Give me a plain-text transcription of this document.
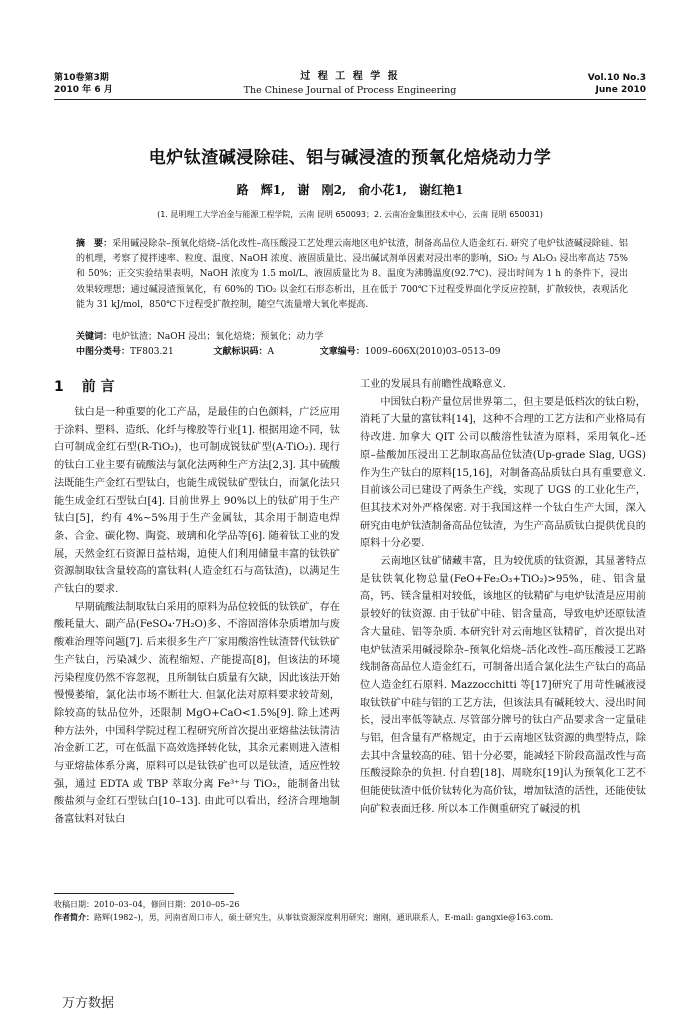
第10卷第3期
2010 年 6 月
过 程 工 程 学 报
The Chinese Journal of Process Engineering
Vol.10 No.3
June 2010
电炉钛渣碱浸除硅、铝与碱浸渣的预氧化焙烧动力学
路 辉1, 谢 刚2, 俞小花1, 谢红艳1
(1. 昆明理工大学冶金与能源工程学院，云南 昆明 650093；2. 云南冶金集团技术中心，云南 昆明 650031)
摘　要：采用碱浸除杂–预氧化焙烧–活化改性–高压酸浸工艺处理云南地区电炉钛渣，制备高品位人造金红石. 研究了电炉钛渣碱浸除硅、铝的机理，考察了搅拌速率、粒度、温度、NaOH 浓度、液固质量比、浸出碱试剂单因素对浸出率的影响，SiO₂ 与 Al₂O₃ 浸出率高达 75%和 50%；正交实验结果表明，NaOH 浓度为 1.5 mol/L、液固质量比为 8、温度为沸腾温度(92.7℃)、浸出时间为 1 h 的条件下，浸出效果较理想；通过碱浸渣预氧化，有 60%的 TiO₂ 以金红石形态析出，且在低于 700℃下过程受界面化学反应控制，扩散较快，表观活化能为 31 kJ/mol，850℃下过程受扩散控制，随空气流量增大氧化率提高.
关键词：电炉钛渣；NaOH 浸出；氧化焙烧；预氧化；动力学
中图分类号：TF803.21	文献标识码：A	文章编号：1009–606X(2010)03–0513–09
1 前 言

钛白是一种重要的化工产品，是最佳的白色颜料，广泛应用于涂料、塑料、造纸、化纤与橡胶等行业[1]. 根据用途不同，钛白可制成金红石型(R-TiO₂)，也可制成锐钛矿型(A-TiO₂). 现行的钛白工业主要有硫酸法与氯化法两种生产方法[2,3]. 其中硫酸法既能生产金红石型钛白，也能生成锐钛矿型钛白，而氯化法只能生成金红石型钛白[4]. 目前世界上 90%以上的钛矿用于生产钛白[5]，约有 4%~5%用于生产金属钛，其余用于制造电焊条、合金、碳化物、陶瓷、玻璃和化学品等[6]. 随着钛工业的发展，天然金红石资源日益枯竭，迫使人们利用储量丰富的钛铁矿资源制取钛含量较高的富钛料(人造金红石与高钛渣)，以满足生产钛白的要求.

早期硫酸法制取钛白采用的原料为品位较低的钛铁矿，存在酸耗量大、副产品(FeSO₄·7H₂O)多、不溶固溶体杂质增加与废酸难治理等问题[7]. 后来很多生产厂家用酸溶性钛渣替代钛铁矿生产钛白，污染减少、流程缩短、产能提高[8]，但该法的环境污染程度仍然不容忽视，且所制钛白质量有欠缺，因此该法开始慢慢萎缩，氯化法市场不断壮大. 但氯化法对原料要求较苛刻，除较高的钛品位外，还限制 MgO+CaO<1.5%[9]. 除上述两种方法外，中国科学院过程工程研究所首次提出亚熔盐法钛清洁冶金新工艺，可在低温下高效选择转化钛，其余元素则进入渣相与亚熔盐体系分离，原料可以是钛铁矿也可以是钛渣，适应性较强，通过 EDTA 或 TBP 萃取分离 Fe³⁺与 TiO₂，能制备出钛酸盐须与金红石型钛白[10–13]. 由此可以看出，经济合理地制备富钛料对钛白

工业的发展具有前瞻性战略意义.

中国钛白粉产量位居世界第二，但主要是低档次的钛白粉，消耗了大量的富钛料[14]，这种不合理的工艺方法和产业格局有待改进. 加拿大 QIT 公司以酸溶性钛渣为原料，采用氧化–还原–盐酸加压浸出工艺制取高品位钛渣(Up-grade Slag, UGS)作为生产钛白的原料[15,16]，对制备高品质钛白具有重要意义. 目前该公司已建设了两条生产线，实现了 UGS 的工业化生产，但其技术对外严格保密. 对于我国这样一个钛白生产大国，深入研究由电炉钛渣制备高品位钛渣，为生产高品质钛白提供优良的原料十分必要.

云南地区钛矿储藏丰富，且为较优质的钛资源，其显著特点是钛铁氧化物总量(FeO+Fe₂O₃+TiO₂)>95%，硅、铝含量高，钙、镁含量相对较低，该地区的钛精矿与电炉钛渣是应用前景较好的钛资源. 由于钛矿中硅、铝含量高，导致电炉还原钛渣含大量硅、铝等杂质. 本研究针对云南地区钛精矿，首次提出对电炉钛渣采用碱浸除杂–预氧化焙烧–活化改性–高压酸浸工艺路线制备高品位人造金红石，可制备出适合氯化法生产钛白的高品位人造金红石原料. Mazzocchitti 等[17]研究了用苛性碱液浸取钛铁矿中硅与铝的工艺方法，但该法具有碱耗较大、浸出时间长，浸出率低等缺点. 尽管部分牌号的钛白产品要求含一定量硅与铝，但含量有严格规定，由于云南地区钛资源的典型特点，除去其中含量较高的硅、铝十分必要，能减轻下阶段高温改性与高压酸浸除杂的负担. 付自碧[18]、周晓东[19]认为预氧化工艺不但能使钛渣中低价钛转化为高价钛，增加钛渣的活性，还能使钛向矿粒表面迁移. 所以本工作侧重研究了碱浸的机

收稿日期：2010–03–04，修回日期：2010–05–26
作者简介：路辉(1982–)，男，河南省周口市人，硕士研究生，从事钛资源深度利用研究；谢刚，通讯联系人，E-mail: gangxie@163.com.
万方数据
